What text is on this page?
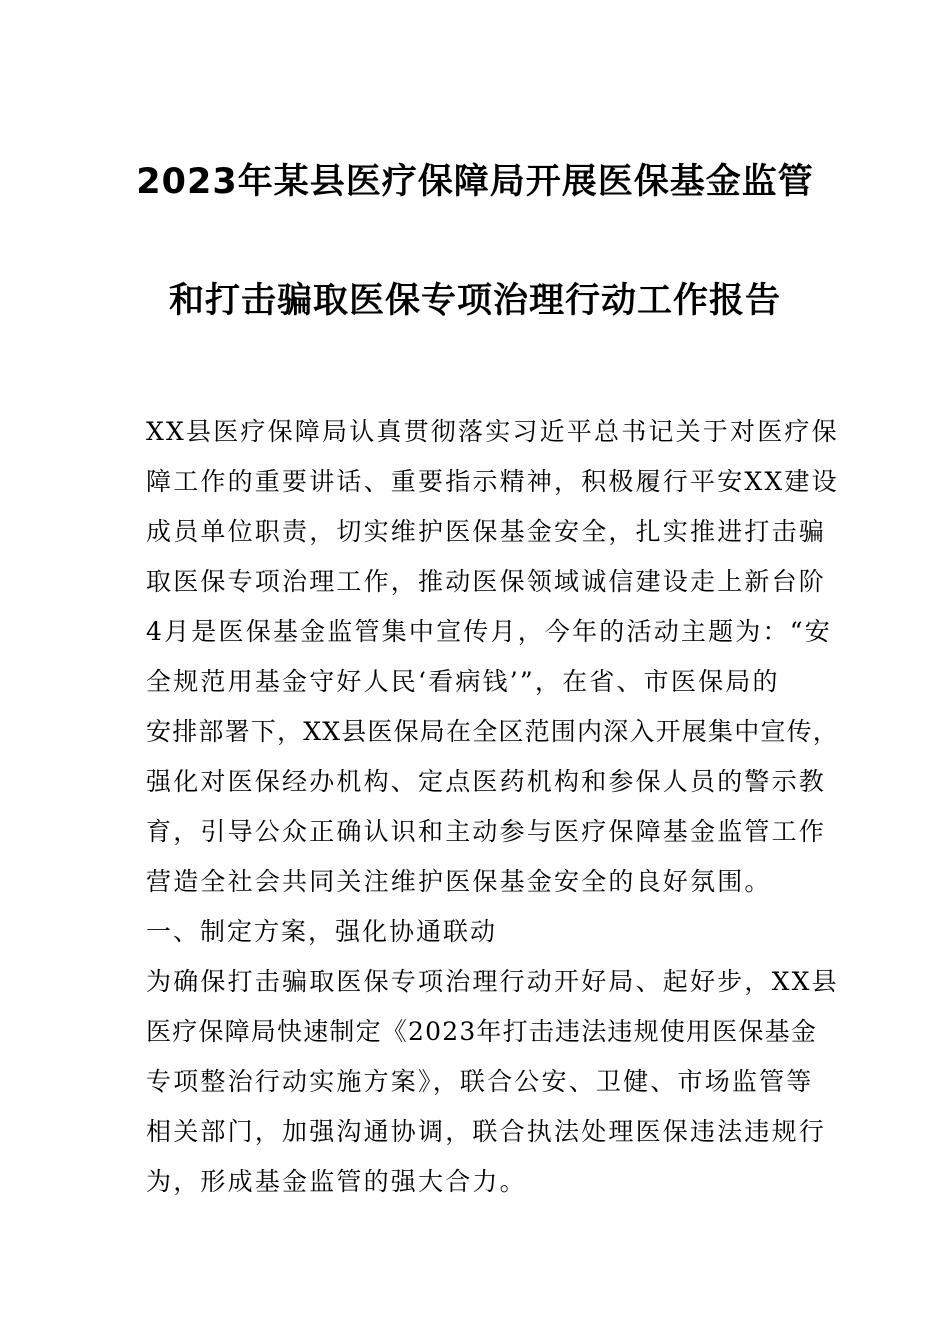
2023年某县医疗保障局开展医保基金监管
和打击骗取医保专项治理行动工作报告
XX县医疗保障局认真贯彻落实习近平总书记关于对医疗保
障工作的重要讲话、重要指示精神，积极履行平安XX建设
成员单位职责，切实维护医保基金安全，扎实推进打击骗
取医保专项治理工作，推动医保领域诚信建设走上新台阶
4月是医保基金监管集中宣传月，今年的活动主题为：“安
全规范用基金守好人民‘看病钱’”，在省、市医保局的
安排部署下，XX县医保局在全区范围内深入开展集中宣传，
强化对医保经办机构、定点医药机构和参保人员的警示教
育，引导公众正确认识和主动参与医疗保障基金监管工作
营造全社会共同关注维护医保基金安全的良好氛围。
一、制定方案，强化协通联动
为确保打击骗取医保专项治理行动开好局、起好步，XX县
医疗保障局快速制定《2023年打击违法违规使用医保基金
专项整治行动实施方案》，联合公安、卫健、市场监管等
相关部门，加强沟通协调，联合执法处理医保违法违规行
为，形成基金监管的强大合力。
